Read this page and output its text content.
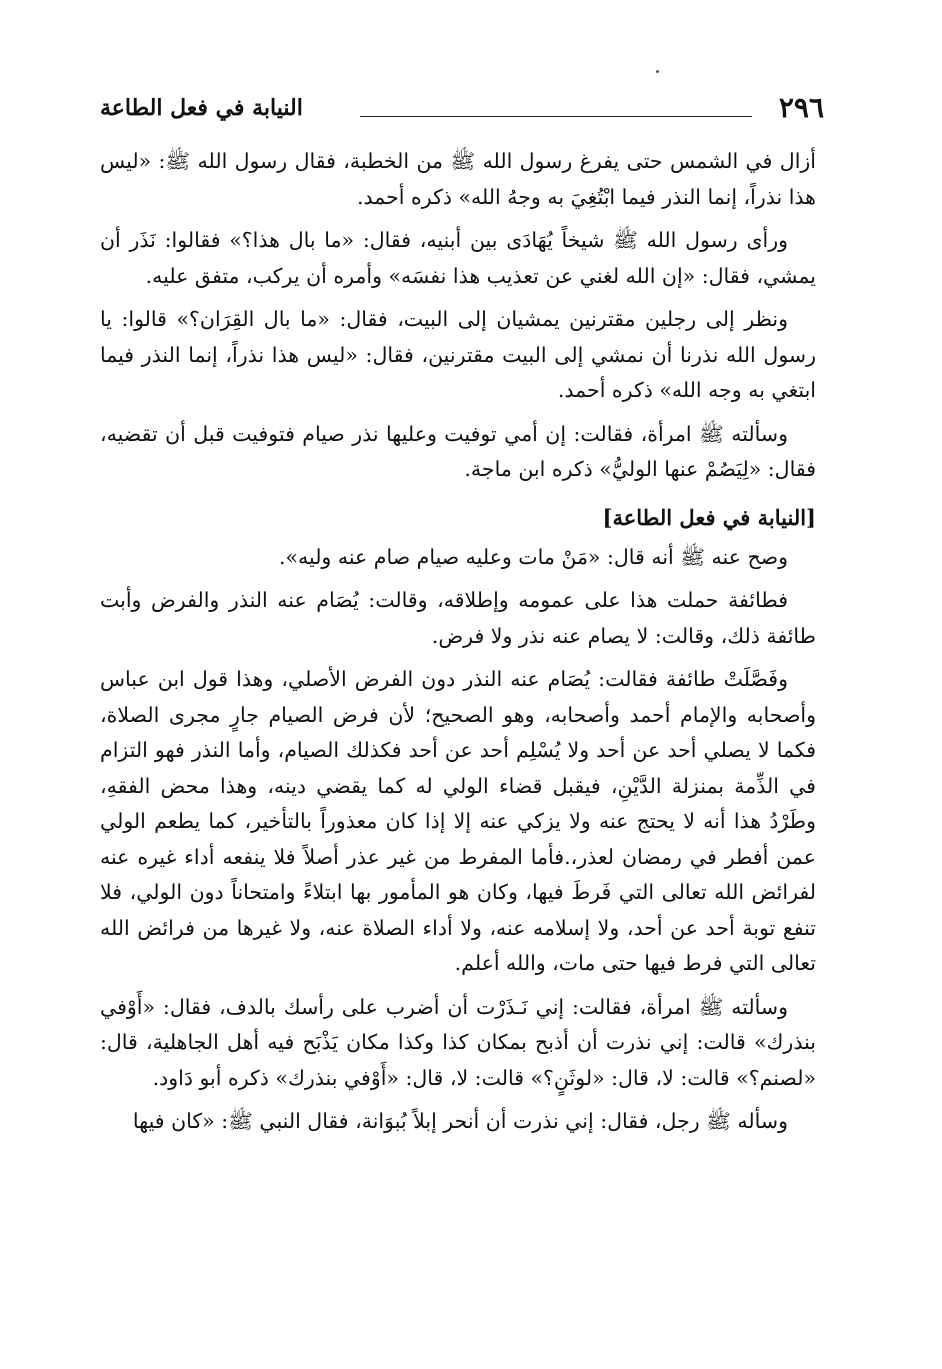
٢٩٦
النيابة في فعل الطاعة

أزال في الشمس حتى يفرغ رسول الله ﷺ من الخطبة، فقال رسول الله ﷺ: «ليس هذا نذراً، إنما النذر فيما ابْتُغِيَ به وجهُ الله» ذكره أحمد.

ورأى رسول الله ﷺ شيخاً يُهَادَى بين أبنيه، فقال: «ما بال هذا؟» فقالوا: نَذَر أن يمشي، فقال: «إن الله لغني عن تعذيب هذا نفسَه» وأمره أن يركب، متفق عليه.

ونظر إلى رجلين مقترنين يمشيان إلى البيت، فقال: «ما بال القِرَان؟» قالوا: يا رسول الله نذرنا أن نمشي إلى البيت مقترنين، فقال: «ليس هذا نذراً، إنما النذر فيما ابتغي به وجه الله» ذكره أحمد.

وسألته ﷺ امرأة، فقالت: إن أمي توفيت وعليها نذر صيام فتوفيت قبل أن تقضيه، فقال: «لِيَصُمْ عنها الوليُّ» ذكره ابن ماجة.

[النيابة في فعل الطاعة]

وصح عنه ﷺ أنه قال: «مَنْ مات وعليه صيام صام عنه وليه».

فطائفة حملت هذا على عمومه وإطلاقه، وقالت: يُصَام عنه النذر والفرض وأبت طائفة ذلك، وقالت: لا يصام عنه نذر ولا فرض.

وفَصَّلَتْ طائفة فقالت: يُصَام عنه النذر دون الفرض الأصلي، وهذا قول ابن عباس وأصحابه والإمام أحمد وأصحابه، وهو الصحيح؛ لأن فرض الصيام جارٍ مجرى الصلاة، فكما لا يصلي أحد عن أحد ولا يُسْلِم أحد عن أحد فكذلك الصيام، وأما النذر فهو التزام في الذِّمة بمنزلة الدَّيْنِ، فيقبل قضاء الولي له كما يقضي دينه، وهذا محض الفقهِ، وطَرْدُ هذا أنه لا يحتج عنه ولا يزكي عنه إلا إذا كان معذوراً بالتأخير، كما يطعم الولي عمن أفطر في رمضان لعذر،.فأما المفرط من غير عذر أصلاً فلا ينفعه أداء غيره عنه لفرائض الله تعالى التي فَرطَ فيها، وكان هو المأمور بها ابتلاءً وامتحاناً دون الولي، فلا تنفع توبة أحد عن أحد، ولا إسلامه عنه، ولا أداء الصلاة عنه، ولا غيرها من فرائض الله تعالى التي فرط فيها حتى مات، والله أعلم.

وسألته ﷺ امرأة، فقالت: إني نَـذَرْت أن أضرب على رأسك بالدف، فقال: «أَوْفي بنذرك» قالت: إني نذرت أن أذبح بمكان كذا وكذا مكان يَذْبَح فيه أهل الجاهلية، قال: «لصنم؟» قالت: لا، قال: «لوثَنٍ؟» قالت: لا، قال: «أَوْفي بنذرك» ذكره أبو دَاود.

وسأله ﷺ رجل، فقال: إني نذرت أن أنحر إبلاً بُبوَانة، فقال النبي ﷺ: «كان فيها
